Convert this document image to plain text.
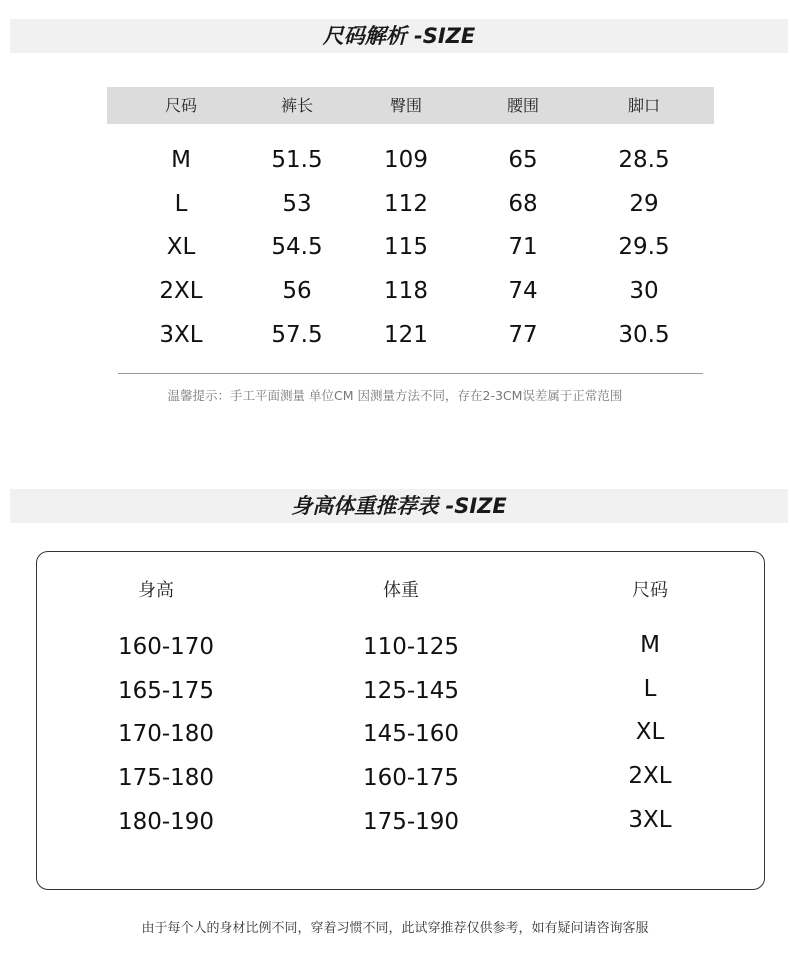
尺码解析 -SIZE
尺码	裤长	臀围	腰围	脚口
M	51.5	109	65	28.5
L	53	112	68	29
XL	54.5	115	71	29.5
2XL	56	118	74	30
3XL	57.5	121	77	30.5
温馨提示：手工平面测量 单位CM 因测量方法不同，存在2-3CM误差属于正常范围
身高体重推荐表 -SIZE
身高	体重	尺码
160-170	110-125	M
165-175	125-145	L
170-180	145-160	XL
175-180	160-175	2XL
180-190	175-190	3XL
由于每个人的身材比例不同，穿着习惯不同，此试穿推荐仅供参考，如有疑问请咨询客服
